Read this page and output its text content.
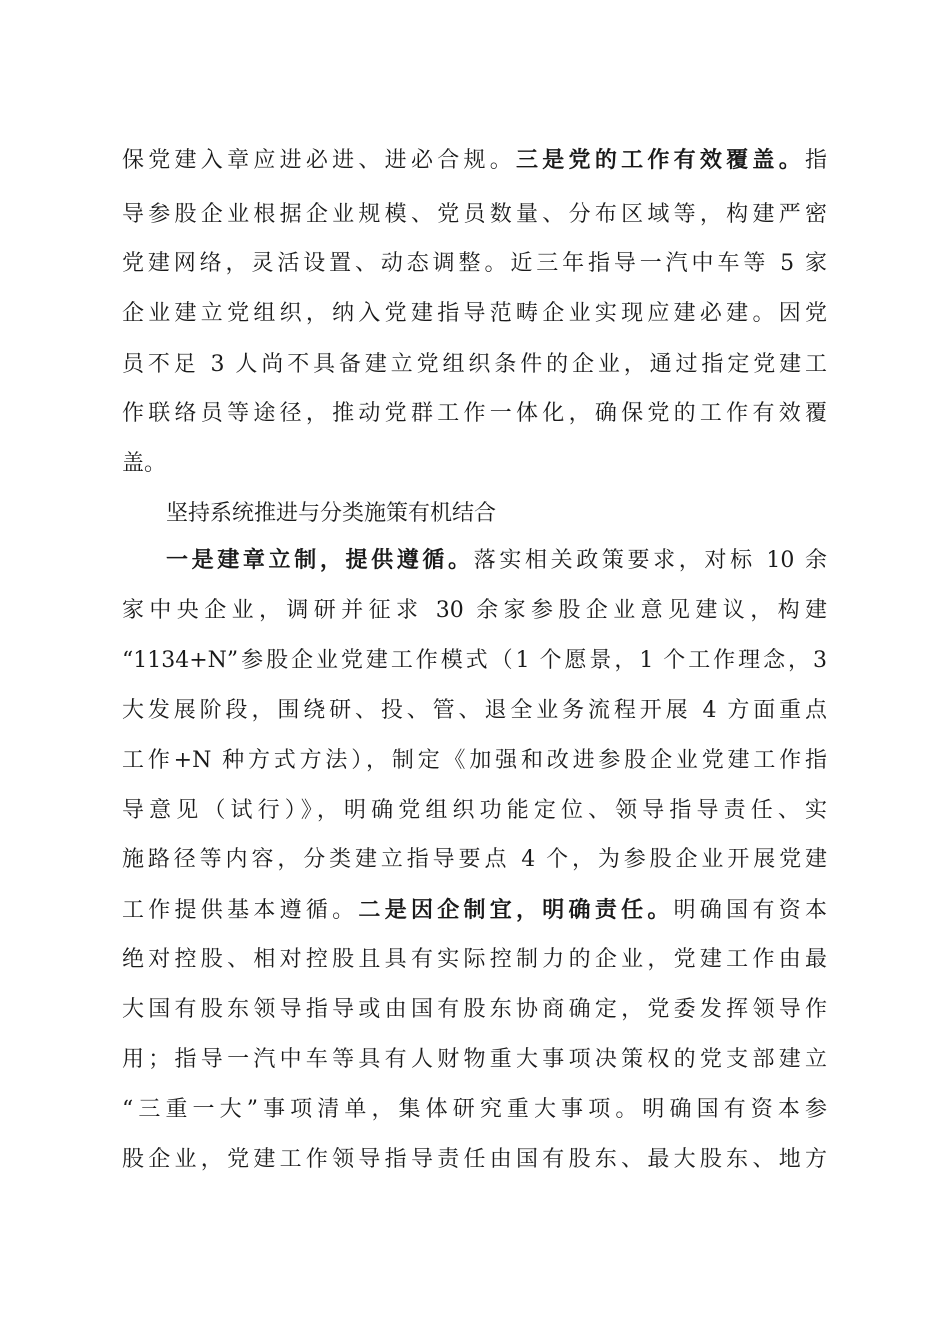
保党建入章应进必进、进必合规。三是党的工作有效覆盖。指
导参股企业根据企业规模、党员数量、分布区域等，构建严密
党建网络，灵活设置、动态调整。近三年指导一汽中车等 5 家
企业建立党组织，纳入党建指导范畴企业实现应建必建。因党
员不足 3 人尚不具备建立党组织条件的企业，通过指定党建工
作联络员等途径，推动党群工作一体化，确保党的工作有效覆
盖。
坚持系统推进与分类施策有机结合
一是建章立制，提供遵循。落实相关政策要求，对标 10 余
家中央企业，调研并征求 30 余家参股企业意见建议，构建
“1134+N”参股企业党建工作模式（1 个愿景，1 个工作理念，3
大发展阶段，围绕研、投、管、退全业务流程开展 4 方面重点
工作+N 种方式方法），制定《加强和改进参股企业党建工作指
导意见（试行）》，明确党组织功能定位、领导指导责任、实
施路径等内容，分类建立指导要点 4 个，为参股企业开展党建
工作提供基本遵循。二是因企制宜，明确责任。明确国有资本
绝对控股、相对控股且具有实际控制力的企业，党建工作由最
大国有股东领导指导或由国有股东协商确定，党委发挥领导作
用；指导一汽中车等具有人财物重大事项决策权的党支部建立
“三重一大”事项清单，集体研究重大事项。明确国有资本参
股企业，党建工作领导指导责任由国有股东、最大股东、地方
